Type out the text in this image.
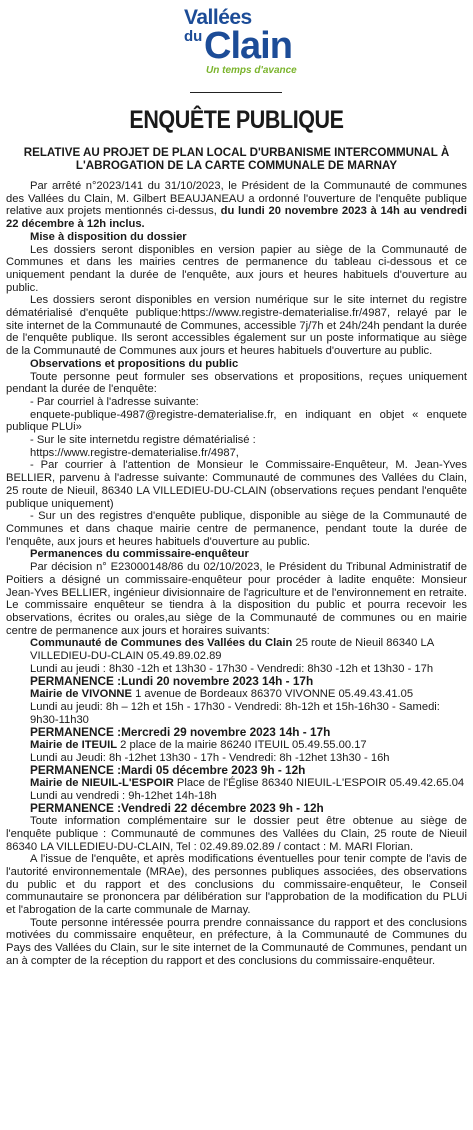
Vallées
du Clain
Un temps d'avance
ENQUÊTE PUBLIQUE

RELATIVE AU PROJET DE PLAN LOCAL D'URBANISME INTERCOMMUNAL À L'ABROGATION DE LA CARTE COMMUNALE DE MARNAY

Par arrêté n°2023/141 du 31/10/2023, le Président de la Communauté de communes des Vallées du Clain, M. Gilbert BEAUJANEAU a ordonné l'ouverture de l'enquête publique relative aux projets mentionnés ci-dessus, du lundi 20 novembre 2023 à 14h au vendredi 22 décembre à 12h inclus.

Mise à disposition du dossier

Les dossiers seront disponibles en version papier au siège de la Communauté de Communes et dans les mairies centres de permanence du tableau ci-dessous et ce uniquement pendant la durée de l'enquête, aux jours et heures habituels d'ouverture au public.

Les dossiers seront disponibles en version numérique sur le site internet du registre dématérialisé d'enquête publique:https://www.registre-dematerialise.fr/4987, relayé par le site internet de la Communauté de Communes, accessible 7j/7h et 24h/24h pendant la durée de l'enquête publique. Ils seront accessibles également sur un poste informatique au siège de la Communauté de Communes aux jours et heures habituels d'ouverture au public.

Observations et propositions du public

Toute personne peut formuler ses observations et propositions, reçues uniquement pendant la durée de l'enquête:

- Par courriel à l'adresse suivante:

enquete-publique-4987@registre-dematerialise.fr, en indiquant en objet « enquete publique PLUi»

- Sur le site internetdu registre dématérialisé :

https://www.registre-dematerialise.fr/4987,

- Par courrier à l'attention de Monsieur le Commissaire-Enquêteur, M. Jean-Yves BELLIER, parvenu à l'adresse suivante: Communauté de communes des Vallées du Clain, 25 route de Nieuil, 86340 LA VILLEDIEU-DU-CLAIN (observations reçues pendant l'enquête publique uniquement)

- Sur un des registres d'enquête publique, disponible au siège de la Communauté de Communes et dans chaque mairie centre de permanence, pendant toute la durée de l'enquête, aux jours et heures habituels d'ouverture au public.

Permanences du commissaire-enquêteur

Par décision n° E23000148/86 du 02/10/2023, le Président du Tribunal Administratif de Poitiers a désigné un commissaire-enquêteur pour procéder à ladite enquête: Monsieur Jean-Yves BELLIER, ingénieur divisionnaire de l'agriculture et de l'environnement en retraite. Le commissaire enquêteur se tiendra à la disposition du public et pourra recevoir les observations, écrites ou orales,au siège de la Communauté de communes ou en mairie centre de permanence aux jours et horaires suivants:

Communauté de Communes des Vallées du Clain 25 route de Nieuil 86340 LA VILLEDIEU-DU-CLAIN 05.49.89.02.89

Lundi au jeudi : 8h30 -12h et 13h30 - 17h30 - Vendredi: 8h30 -12h et 13h30 - 17h

PERMANENCE :Lundi 20 novembre 2023 14h - 17h

Mairie de VIVONNE 1 avenue de Bordeaux 86370 VIVONNE 05.49.43.41.05

Lundi au jeudi: 8h – 12h et 15h - 17h30 - Vendredi: 8h-12h et 15h-16h30 - Samedi: 9h30-11h30

PERMANENCE :Mercredi 29 novembre 2023 14h - 17h

Mairie de ITEUIL 2 place de la mairie 86240 ITEUIL 05.49.55.00.17

Lundi au Jeudi: 8h -12het 13h30 - 17h - Vendredi: 8h -12het 13h30 - 16h

PERMANENCE :Mardi 05 décembre 2023 9h - 12h

Mairie de NIEUIL-L'ESPOIR Place de l'Église 86340 NIEUIL-L'ESPOIR 05.49.42.65.04

Lundi au vendredi : 9h-12het 14h-18h

PERMANENCE :Vendredi 22 décembre 2023 9h - 12h

Toute information complémentaire sur le dossier peut être obtenue au siège de l'enquête publique : Communauté de communes des Vallées du Clain, 25 route de Nieuil 86340 LA VILLEDIEU-DU-CLAIN, Tel : 02.49.89.02.89 / contact : M. MARI Florian.

A l'issue de l'enquête, et après modifications éventuelles pour tenir compte de l'avis de l'autorité environnementale (MRAe), des personnes publiques associées, des observations du public et du rapport et des conclusions du commissaire-enquêteur, le Conseil communautaire se prononcera par délibération sur l'approbation de la modification du PLUi et l'abrogation de la carte communale de Marnay.

Toute personne intéressée pourra prendre connaissance du rapport et des conclusions motivées du commissaire enquêteur, en préfecture, à la Communauté de Communes du Pays des Vallées du Clain, sur le site internet de la Communauté de Communes, pendant un an à compter de la réception du rapport et des conclusions du commissaire-enquêteur.
